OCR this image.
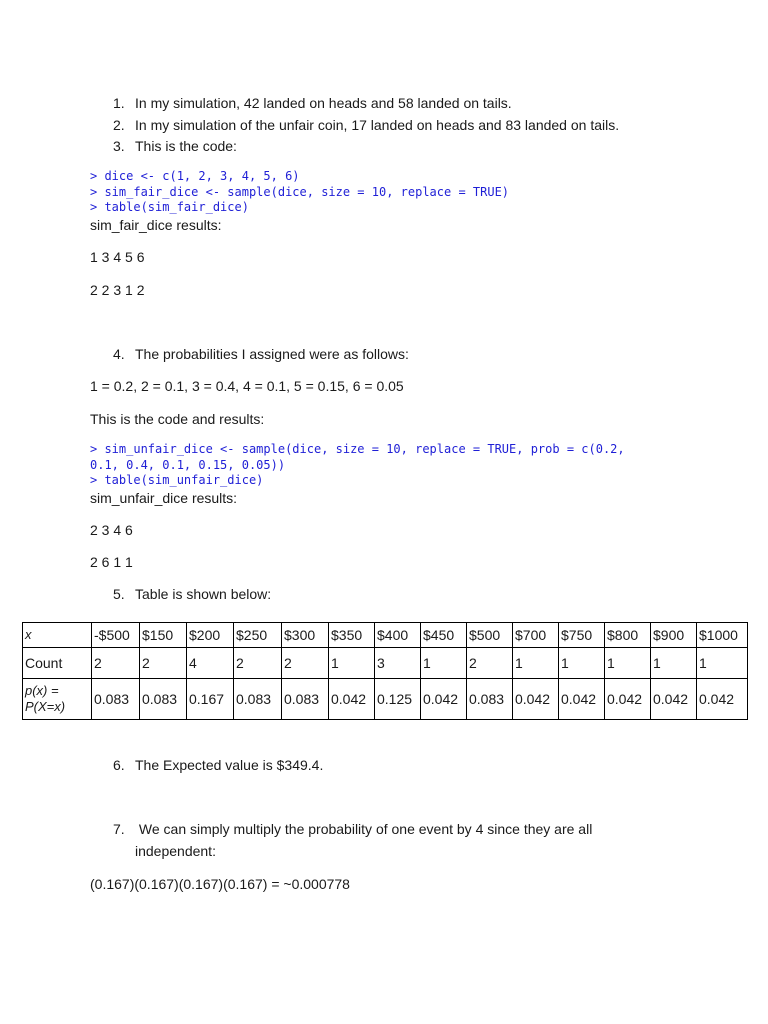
1. In my simulation, 42 landed on heads and 58 landed on tails.
2. In my simulation of the unfair coin, 17 landed on heads and 83 landed on tails.
3. This is the code:
> dice <- c(1, 2, 3, 4, 5, 6)
> sim_fair_dice <- sample(dice, size = 10, replace = TRUE)
> table(sim_fair_dice)
sim_fair_dice results:
1 3 4 5 6
2 2 3 1 2
4. The probabilities I assigned were as follows:
1 = 0.2, 2 = 0.1, 3 = 0.4, 4 = 0.1, 5 = 0.15, 6 = 0.05
This is the code and results:
> sim_unfair_dice <- sample(dice, size = 10, replace = TRUE, prob = c(0.2,
0.1, 0.4, 0.1, 0.15, 0.05))
> table(sim_unfair_dice)
sim_unfair_dice results:
2 3 4 6
2 6 1 1
5. Table is shown below:
x	-$500	$150	$200	$250	$300	$350	$400	$450	$500	$700	$750	$800	$900	$1000
Count	2	2	4	2	2	1	3	1	2	1	1	1	1	1
p(x) = P(X=x)	0.083	0.083	0.167	0.083	0.083	0.042	0.125	0.042	0.083	0.042	0.042	0.042	0.042	0.042
6. The Expected value is $349.4.
7. We can simply multiply the probability of one event by 4 since they are all independent:
(0.167)(0.167)(0.167)(0.167) = ~0.000778
